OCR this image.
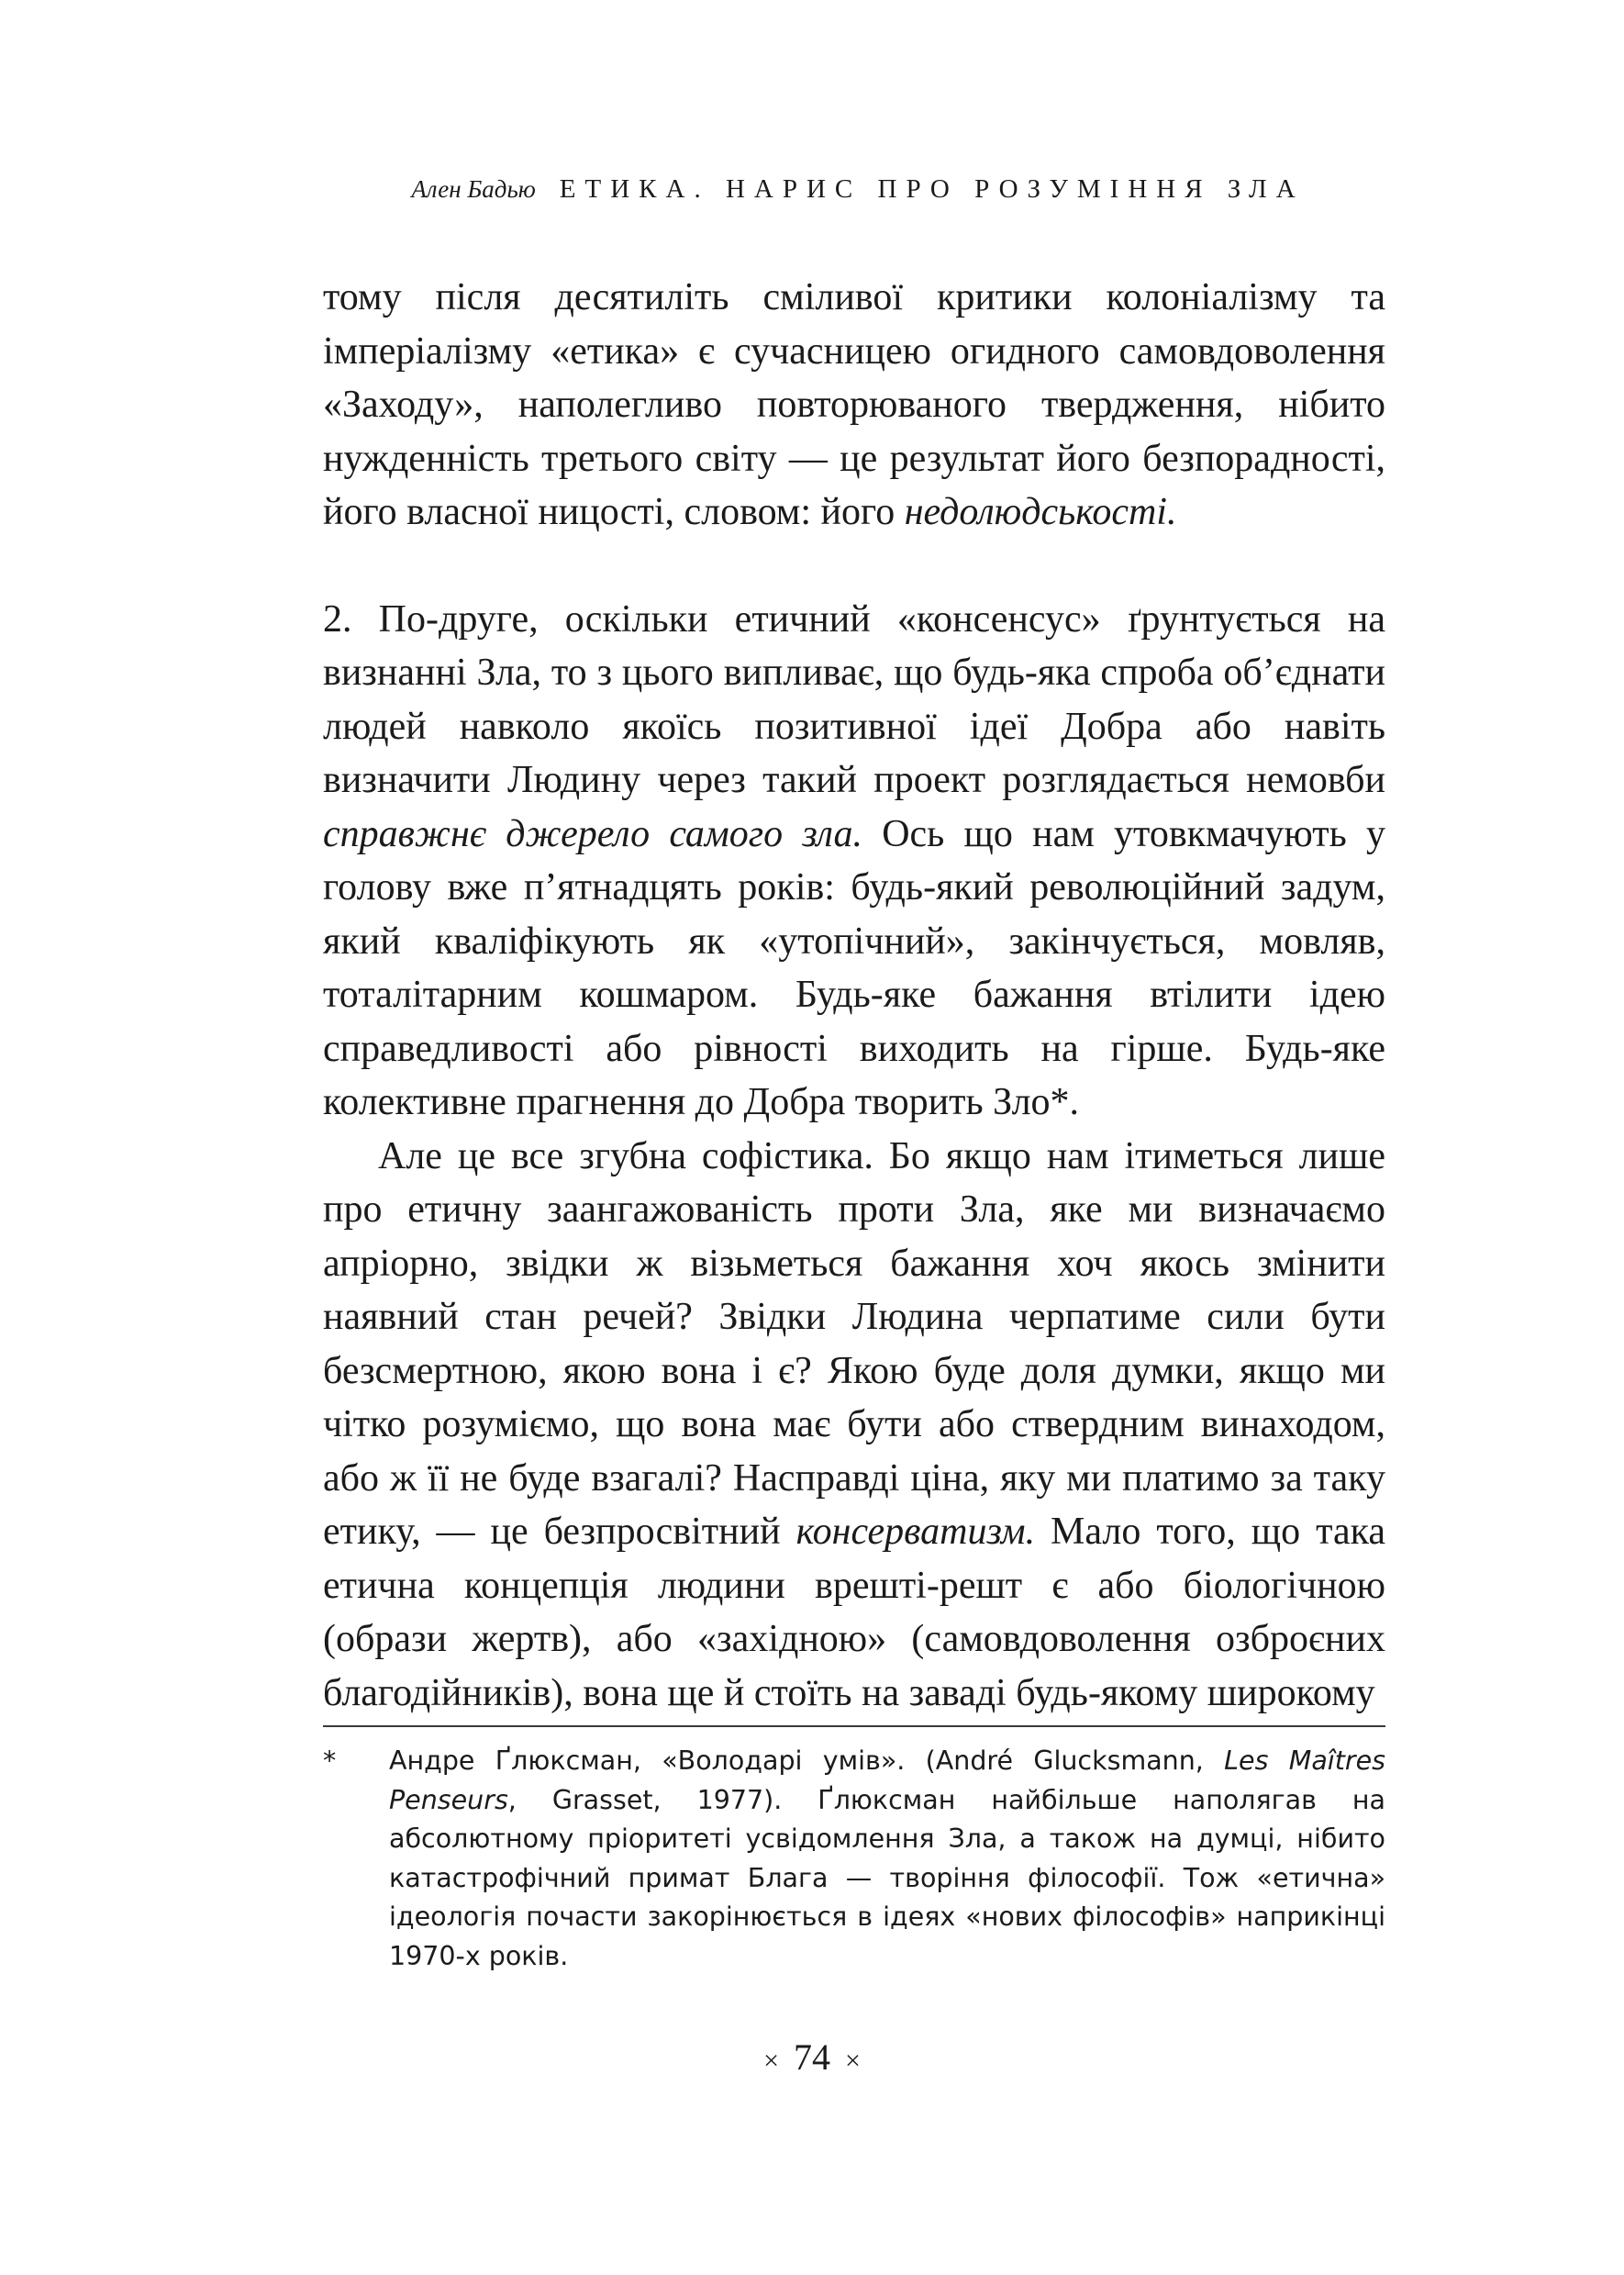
Ален Бадью ЕТИКА. НАРИС ПРО РОЗУМІННЯ ЗЛА

тому після десятиліть сміливої критики колоніалізму та імперіалізму «етика» є сучасницею огидного самовдоволення «Заходу», наполегливо повторюваного твердження, нібито нужденність третього світу — це результат його безпорадності, його власної ницості, словом: його недолюдськості.

2. По-друге, оскільки етичний «консенсус» ґрунтується на визнанні Зла, то з цього випливає, що будь-яка спроба об’єднати людей навколо якоїсь позитивної ідеї Добра або навіть визначити Людину через такий проект розглядається немовби справжнє джерело самого зла. Ось що нам утовкмачують у голову вже п’ятнадцять років: будь-який революційний задум, який кваліфікують як «утопічний», закінчується, мовляв, тоталітарним кошмаром. Будь-яке бажання втілити ідею справедливості або рівності виходить на гірше. Будь-яке колективне прагнення до Добра творить Зло*.

Але це все згубна софістика. Бо якщо нам ітиметься лише про етичну заангажованість проти Зла, яке ми визначаємо апріорно, звідки ж візьметься бажання хоч якось змінити наявний стан речей? Звідки Людина черпатиме сили бути безсмертною, якою вона і є? Якою буде доля думки, якщо ми чітко розуміємо, що вона має бути або ствердним винаходом, або ж її не буде взагалі? Насправді ціна, яку ми платимо за таку етику, — це безпросвітний консерватизм. Мало того, що така етична концепція людини врешті-решт є або біологічною (образи жертв), або «західною» (самовдоволення озброєних благодійників), вона ще й стоїть на заваді будь-якому широкому

*	Андре Ґлюксман, «Володарі умів». (André Glucksmann, Les Maîtres Penseurs, Grasset, 1977). Ґлюксман найбільше наполягав на абсолютному пріоритеті усвідомлення Зла, а також на думці, нібито катастрофічний примат Блага — творіння філософії. Тож «етична» ідеологія почасти закорінюється в ідеях «нових філософів» наприкінці 1970-х років.
× 74 ×
